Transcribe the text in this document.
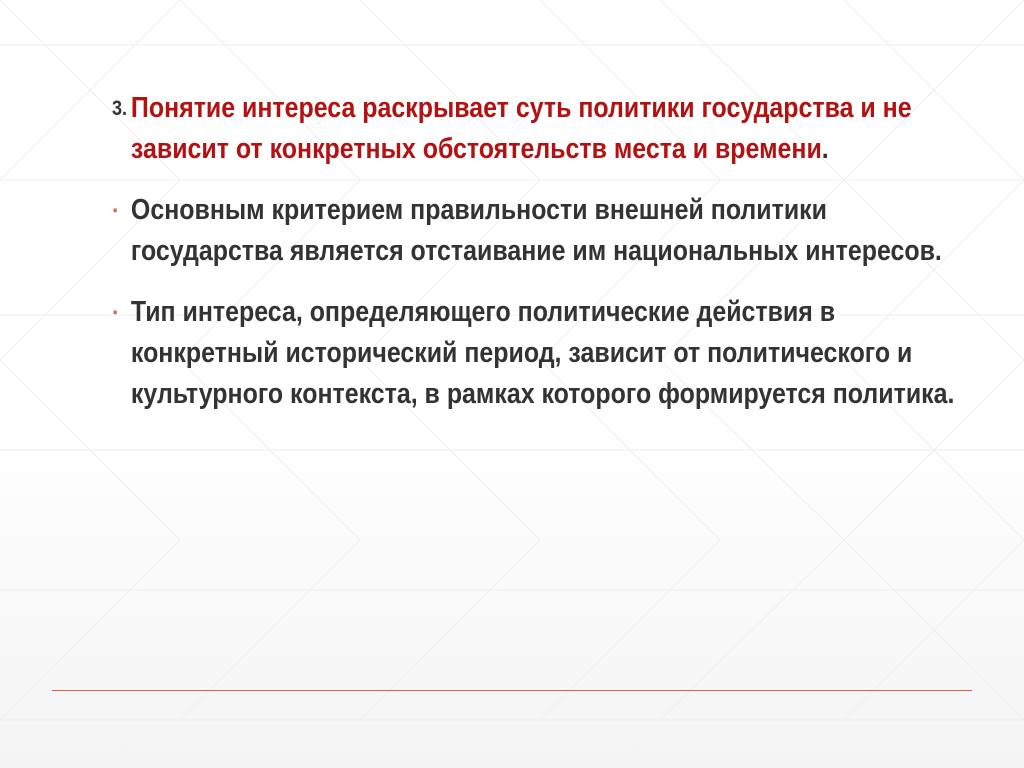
3. Понятие интереса раскрывает суть политики государства и не зависит от конкретных обстоятельств места и времени.

▪ Основным критерием правильности внешней политики государства является отстаивание им национальных интересов.

▪ Тип интереса, определяющего политические действия в конкретный исторический период, зависит от политического и культурного контекста, в рамках которого формируется политика.
